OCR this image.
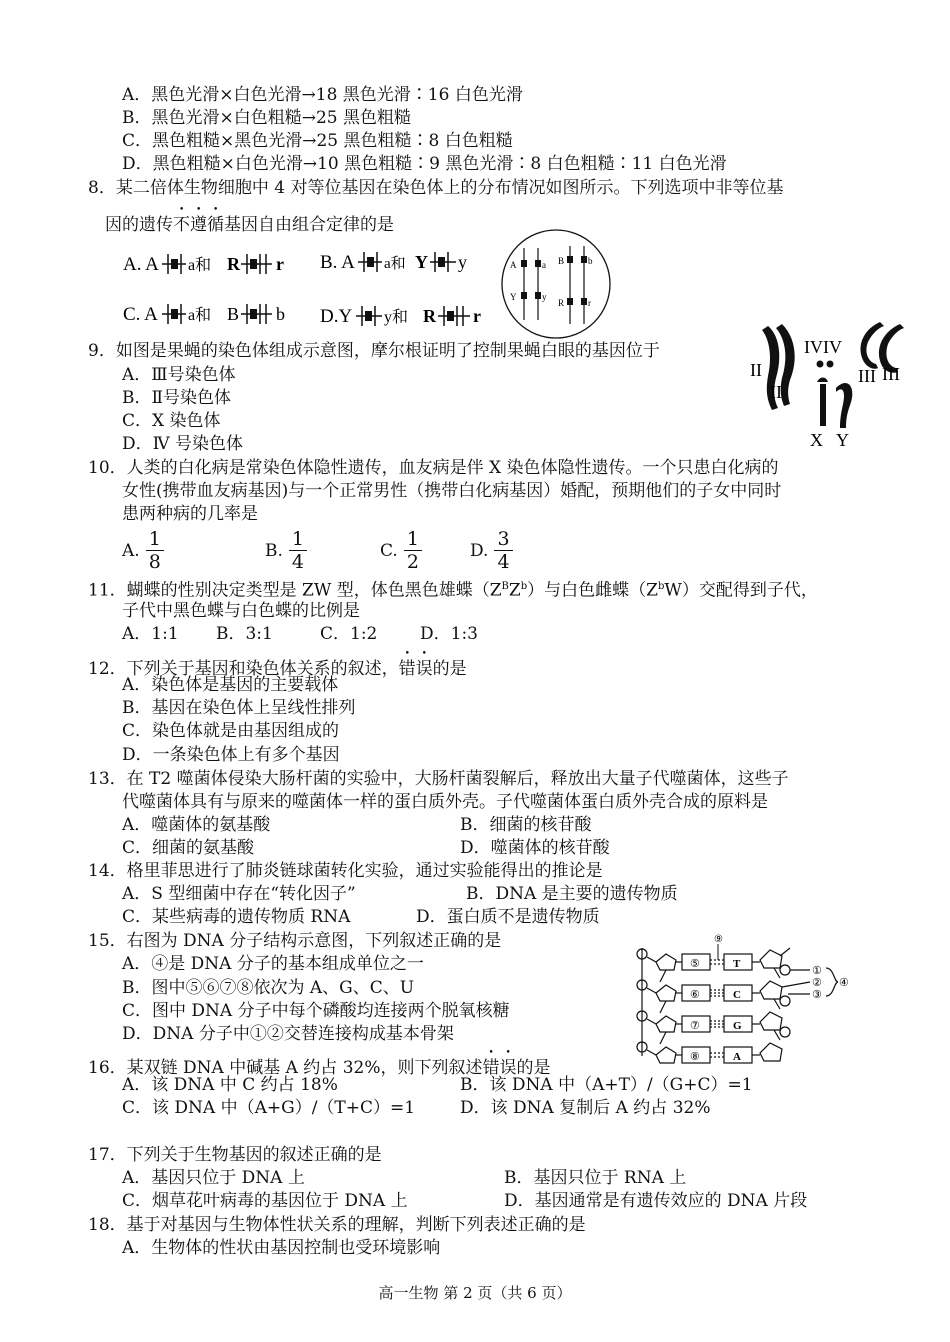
A．黑色光滑×白色光滑→18 黑色光滑∶16 白色光滑
B．黑色光滑×白色粗糙→25 黑色粗糙
C．黑色粗糙×黑色光滑→25 黑色粗糙∶8 白色粗糙
D．黑色粗糙×白色光滑→10 黑色粗糙∶9 黑色光滑∶8 白色粗糙∶11 白色光滑
8．某二倍体生物细胞中 4 对等位基因在染色体上的分布情况如图所示。下列选项中非等位基
因的遗传不遵循基因自由组合定律的是
A. A a和 R r B. A a和 Y y
C. A a和 B b D.Y y和 R r
A	a
Y	y
B	b
R	r
9．如图是果蝇的染色体组成示意图，摩尔根证明了控制果蝇白眼的基因位于
A．Ⅲ号染色体
B．Ⅱ号染色体
C．X 染色体
D．Ⅳ 号染色体
II
II
IVIV
III III
X Y
10．人类的白化病是常染色体隐性遗传，血友病是伴 X 染色体隐性遗传。一个只患白化病的
女性(携带血友病基因)与一个正常男性（携带白化病基因）婚配，预期他们的子女中同时
患两种病的几率是
A. $\frac{1}{8}$	B. $\frac{1}{4}$	C. $\frac{1}{2}$	D. $\frac{3}{4}$
11．蝴蝶的性别决定类型是 ZW 型，体色黑色雄蝶$(Z^BZ^b)$与白色雌蝶$(Z^bW)$交配得到子代，
子代中黑色蝶与白色蝶的比例是
A．1:1 B．3:1	C．1:2	D．1:3
12．下列关于基因和染色体关系的叙述，错误的是
A．染色体是基因的主要载体
B．基因在染色体上呈线性排列
C．染色体就是由基因组成的
D．一条染色体上有多个基因
13．在 T2 噬菌体侵染大肠杆菌的实验中，大肠杆菌裂解后，释放出大量子代噬菌体，这些子
代噬菌体具有与原来的噬菌体一样的蛋白质外壳。子代噬菌体蛋白质外壳合成的原料是
A．噬菌体的氨基酸	B．细菌的核苷酸
C．细菌的氨基酸	D．噬菌体的核苷酸
14．格里菲思进行了肺炎链球菌转化实验，通过实验能得出的推论是
A．S 型细菌中存在“转化因子”	B．DNA 是主要的遗传物质
C．某些病毒的遗传物质 RNA	D．蛋白质不是遗传物质
15．右图为 DNA 分子结构示意图，下列叙述正确的是
A．④是 DNA 分子的基本组成单位之一
B．图中⑤⑥⑦⑧依次为 A、G、C、U
C．图中 DNA 分子中每个磷酸均连接两个脱氧核糖
D．DNA 分子中①②交替连接构成基本骨架
⑨
⑤
⑥
⑦
⑧
T
C
G
A
①
②
③
④
16．某双链 DNA 中碱基 A 约占 32%，则下列叙述错误的是
A．该 DNA 中 C 约占 18%	B．该 DNA 中（A+T）/（G+C）=1
C．该 DNA 中（A+G）/（T+C）=1	D．该 DNA 复制后 A 约占 32%
17．下列关于生物基因的叙述正确的是
A．基因只位于 DNA 上	B．基因只位于 RNA 上
C．烟草花叶病毒的基因位于 DNA 上	D．基因通常是有遗传效应的 DNA 片段
18．基于对基因与生物体性状关系的理解，判断下列表述正确的是
A．生物体的性状由基因控制也受环境影响
高一生物 第 2 页（共 6 页）
